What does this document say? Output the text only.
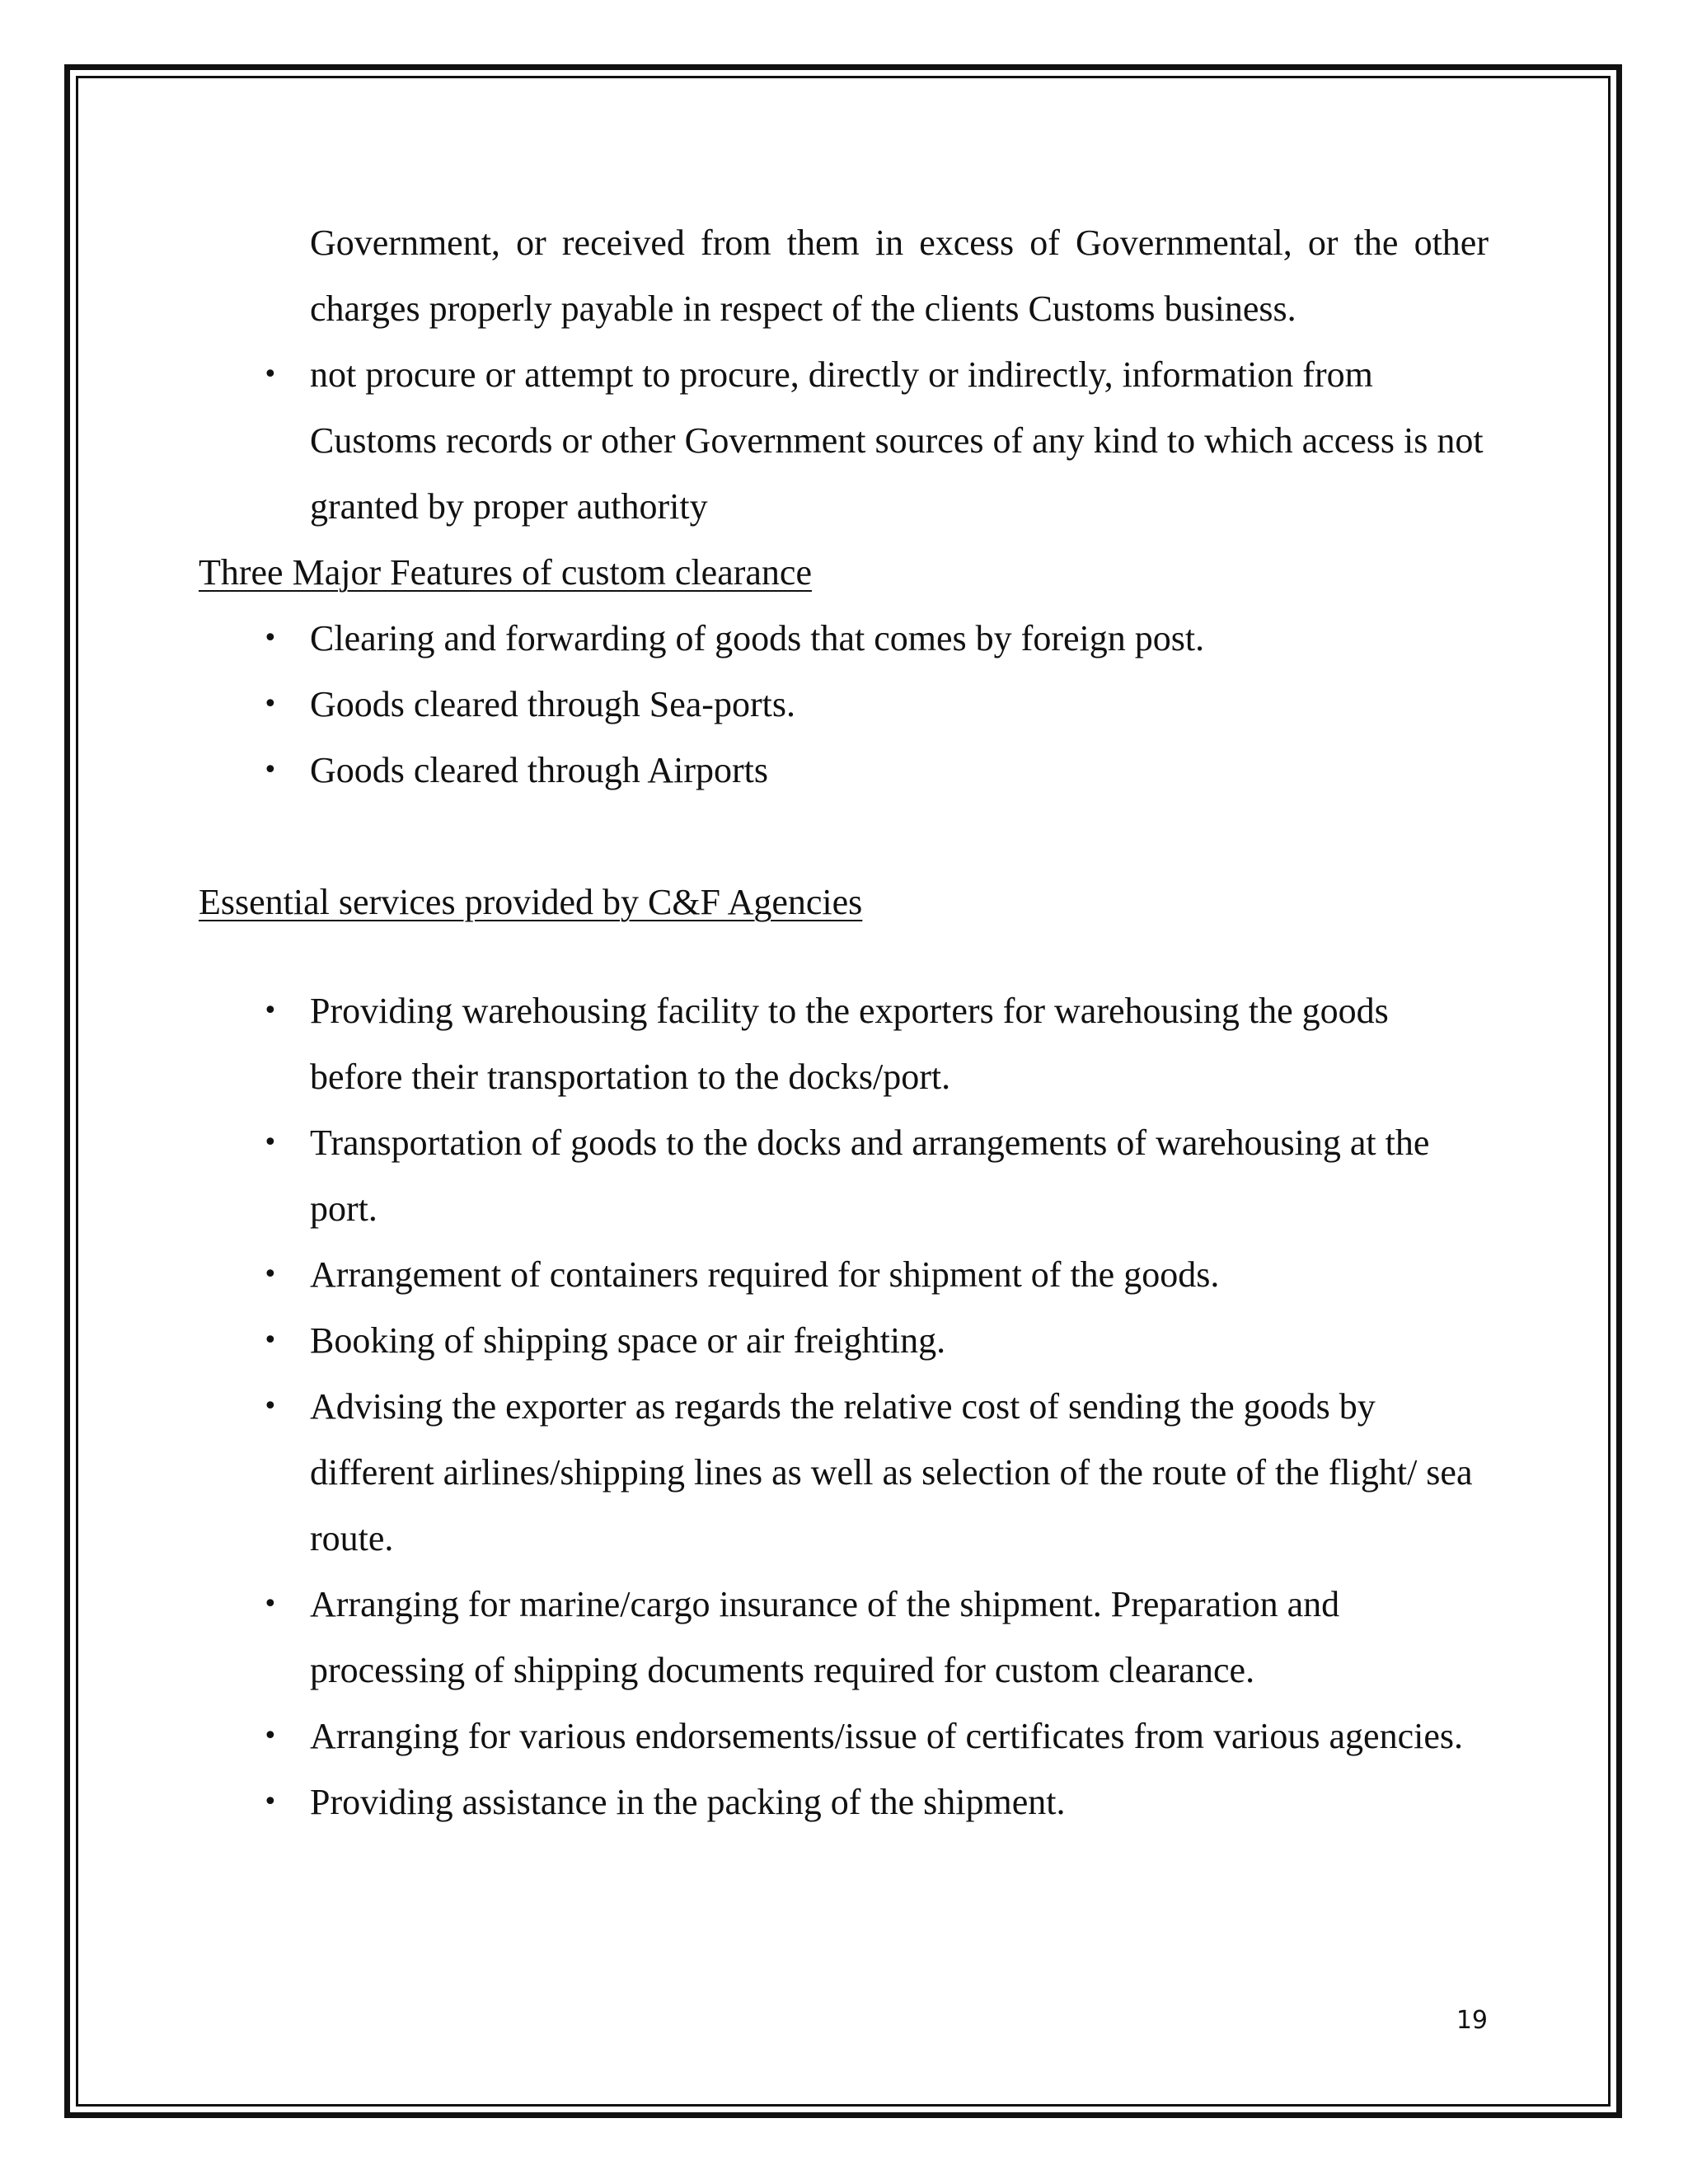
Government, or received from them in excess of Governmental, or the other charges properly payable in respect of the clients Customs business.

• not procure or attempt to procure, directly or indirectly, information from Customs records or other Government sources of any kind to which access is not granted by proper authority

Three Major Features of custom clearance

• Clearing and forwarding of goods that comes by foreign post.
• Goods cleared through Sea-ports.
• Goods cleared through Airports

Essential services provided by C&F Agencies

• Providing warehousing facility to the exporters for warehousing the goods before their transportation to the docks/port.
• Transportation of goods to the docks and arrangements of warehousing at the port.
• Arrangement of containers required for shipment of the goods.
• Booking of shipping space or air freighting.
• Advising the exporter as regards the relative cost of sending the goods by different airlines/shipping lines as well as selection of the route of the flight/ sea route.
• Arranging for marine/cargo insurance of the shipment. Preparation and processing of shipping documents required for custom clearance.
• Arranging for various endorsements/issue of certificates from various agencies.
• Providing assistance in the packing of the shipment.
19
